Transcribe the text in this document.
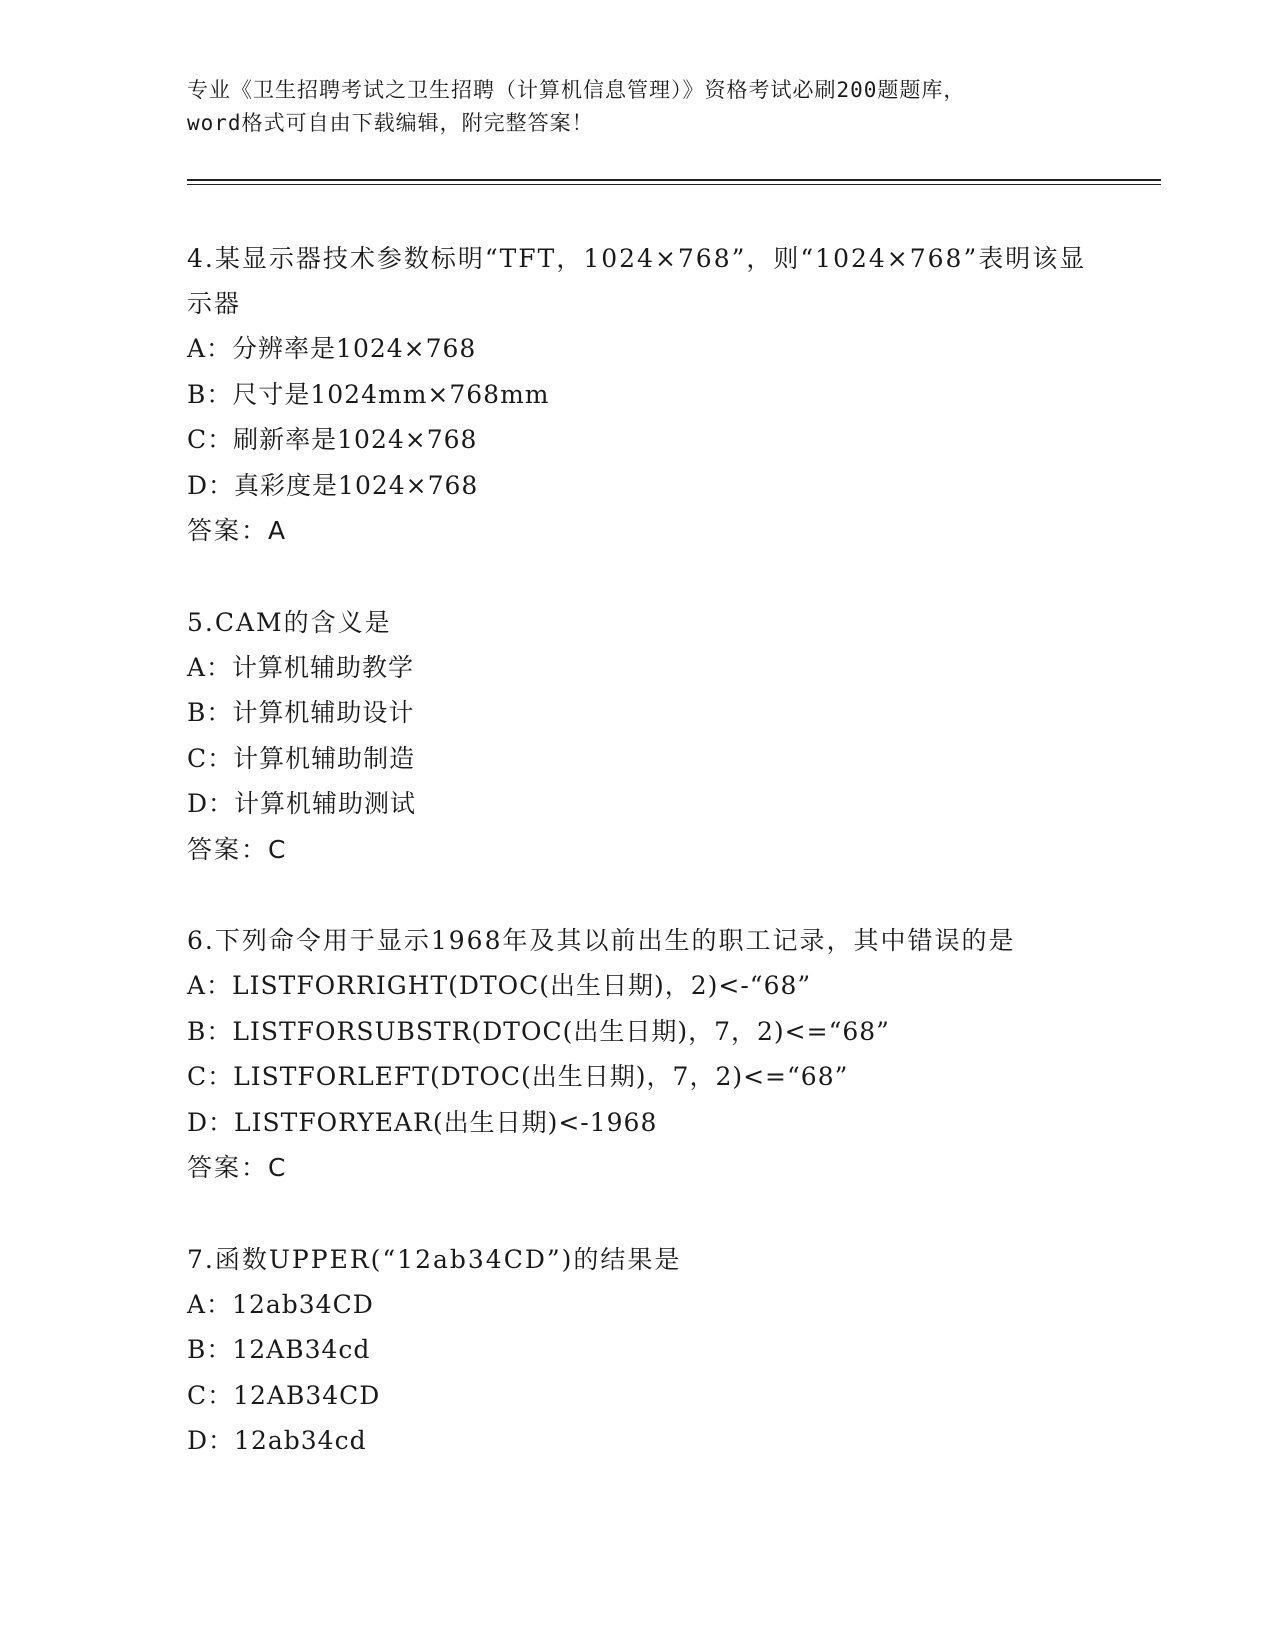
专业《卫生招聘考试之卫生招聘（计算机信息管理）》资格考试必刷200题题库，
word格式可自由下载编辑，附完整答案！
4.某显示器技术参数标明“TFT，1024×768”，则“1024×768”表明该显示器
A：分辨率是1024×768
B：尺寸是1024mm×768mm
C：刷新率是1024×768
D：真彩度是1024×768
答案：A
5.CAM的含义是
A：计算机辅助教学
B：计算机辅助设计
C：计算机辅助制造
D：计算机辅助测试
答案：C
6.下列命令用于显示1968年及其以前出生的职工记录，其中错误的是
A：LISTFORRIGHT(DTOC(出生日期)，2)<-“68”
B：LISTFORSUBSTR(DTOC(出生日期)，7，2)<=“68”
C：LISTFORLEFT(DTOC(出生日期)，7，2)<=“68”
D：LISTFORYEAR(出生日期)<-1968
答案：C
7.函数UPPER(“12ab34CD”)的结果是
A：12ab34CD
B：12AB34cd
C：12AB34CD
D：12ab34cd
